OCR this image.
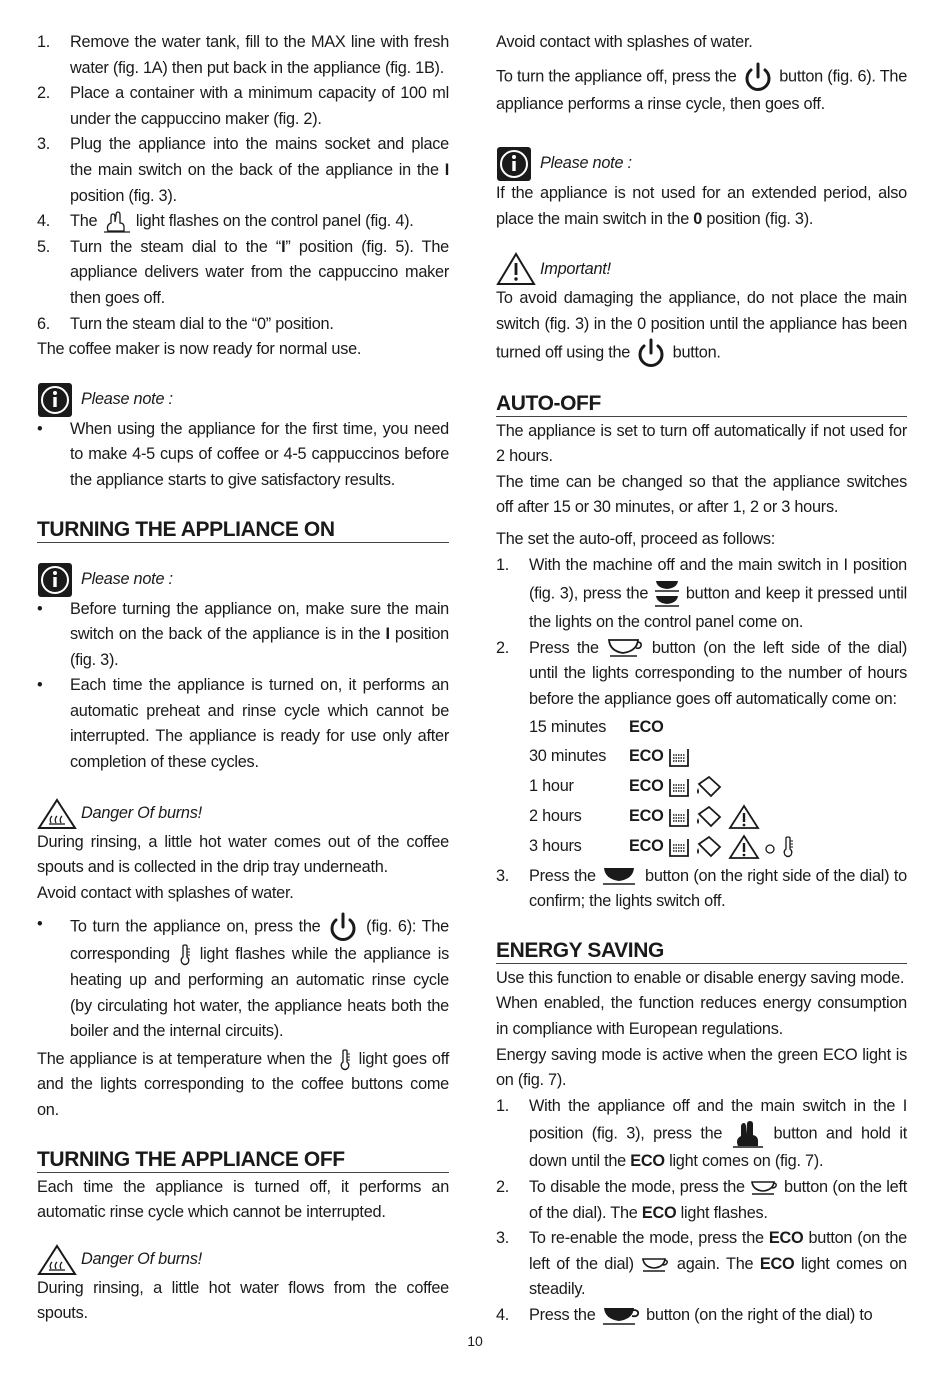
1.	Remove the water tank, fill to the MAX line with fresh water (fig. 1A) then put back in the appliance (fig. 1B).
2.	Place a container with a minimum capacity of 100 ml under the cappuccino maker (fig. 2).
3.	Plug the appliance into the mains socket and place the main switch on the back of the appliance in the I position (fig. 3).
4.	The  light flashes on the control panel (fig. 4).
5.	Turn the steam dial to the “I” position (fig. 5). The appliance delivers water from the cappuccino maker then goes off.
6.	Turn the steam dial to the “0” position.

The coffee maker is now ready for normal use.

Please note :
•	When using the appliance for the first time, you need to make 4-5 cups of coffee or 4-5 cappuccinos before the appliance starts to give satisfactory results.
TURNING THE APPLIANCE ON
Please note :
•	Before turning the appliance on, make sure the main switch on the back of the appliance is in the I position (fig. 3).
•	Each time the appliance is turned on, it performs an automatic preheat and rinse cycle which cannot be interrupted. The appliance is ready for use only after completion of these cycles.
Danger Of burns!

During rinsing, a little hot water comes out of the coffee spouts and is collected in the drip tray underneath.

Avoid contact with splashes of water.

•	To turn the appliance on, press the  (fig. 6): The corresponding  light flashes while the appliance is heating up and performing an automatic rinse cycle (by circulating hot water, the appliance heats both the boiler and the internal circuits).

The appliance is at temperature when the  light goes off and the lights corresponding to the coffee buttons come on.

TURNING THE APPLIANCE OFF

Each time the appliance is turned off, it performs an automatic rinse cycle which cannot be interrupted.

Danger Of burns!

During rinsing, a little hot water flows from the coffee spouts.

Avoid contact with splashes of water.

To turn the appliance off, press the  button (fig. 6). The appliance performs a rinse cycle, then goes off.

Please note :

If the appliance is not used for an extended period, also place the main switch in the 0 position (fig. 3).

Important!

To avoid damaging the appliance, do not place the main switch (fig. 3) in the 0 position until the appliance has been turned off using the  button.

AUTO-OFF

The appliance is set to turn off automatically if not used for 2 hours.

The time can be changed so that the appliance switches off after 15 or 30 minutes, or after 1, 2 or 3 hours.

The set the auto-off, proceed as follows:

1.	With the machine off and the main switch in I position (fig. 3), press the  button and keep it pressed until the lights on the control panel come on.
2.	Press the  button (on the left side of the dial) until the lights corresponding to the number of hours before the appliance goes off automatically come on:
15 minutes	ECO
30 minutes	ECO
1 hour	ECO
2 hours	ECO
3 hours	ECO
3.	Press the  button (on the right side of the dial) to confirm; the lights switch off.
ENERGY SAVING

Use this function to enable or disable energy saving mode.

When enabled, the function reduces energy consumption in compliance with European regulations.

Energy saving mode is active when the green ECO light is on (fig. 7).

1.	With the appliance off and the main switch in the I position (fig. 3), press the  button and hold it down until the ECO light comes on (fig. 7).
2.	To disable the mode, press the  button (on the left of the dial). The ECO light flashes.
3.	To re-enable the mode, press the ECO button (on the left of the dial)  again. The ECO light comes on steadily.
4.	Press the	button (on the right of the dial) to
10
